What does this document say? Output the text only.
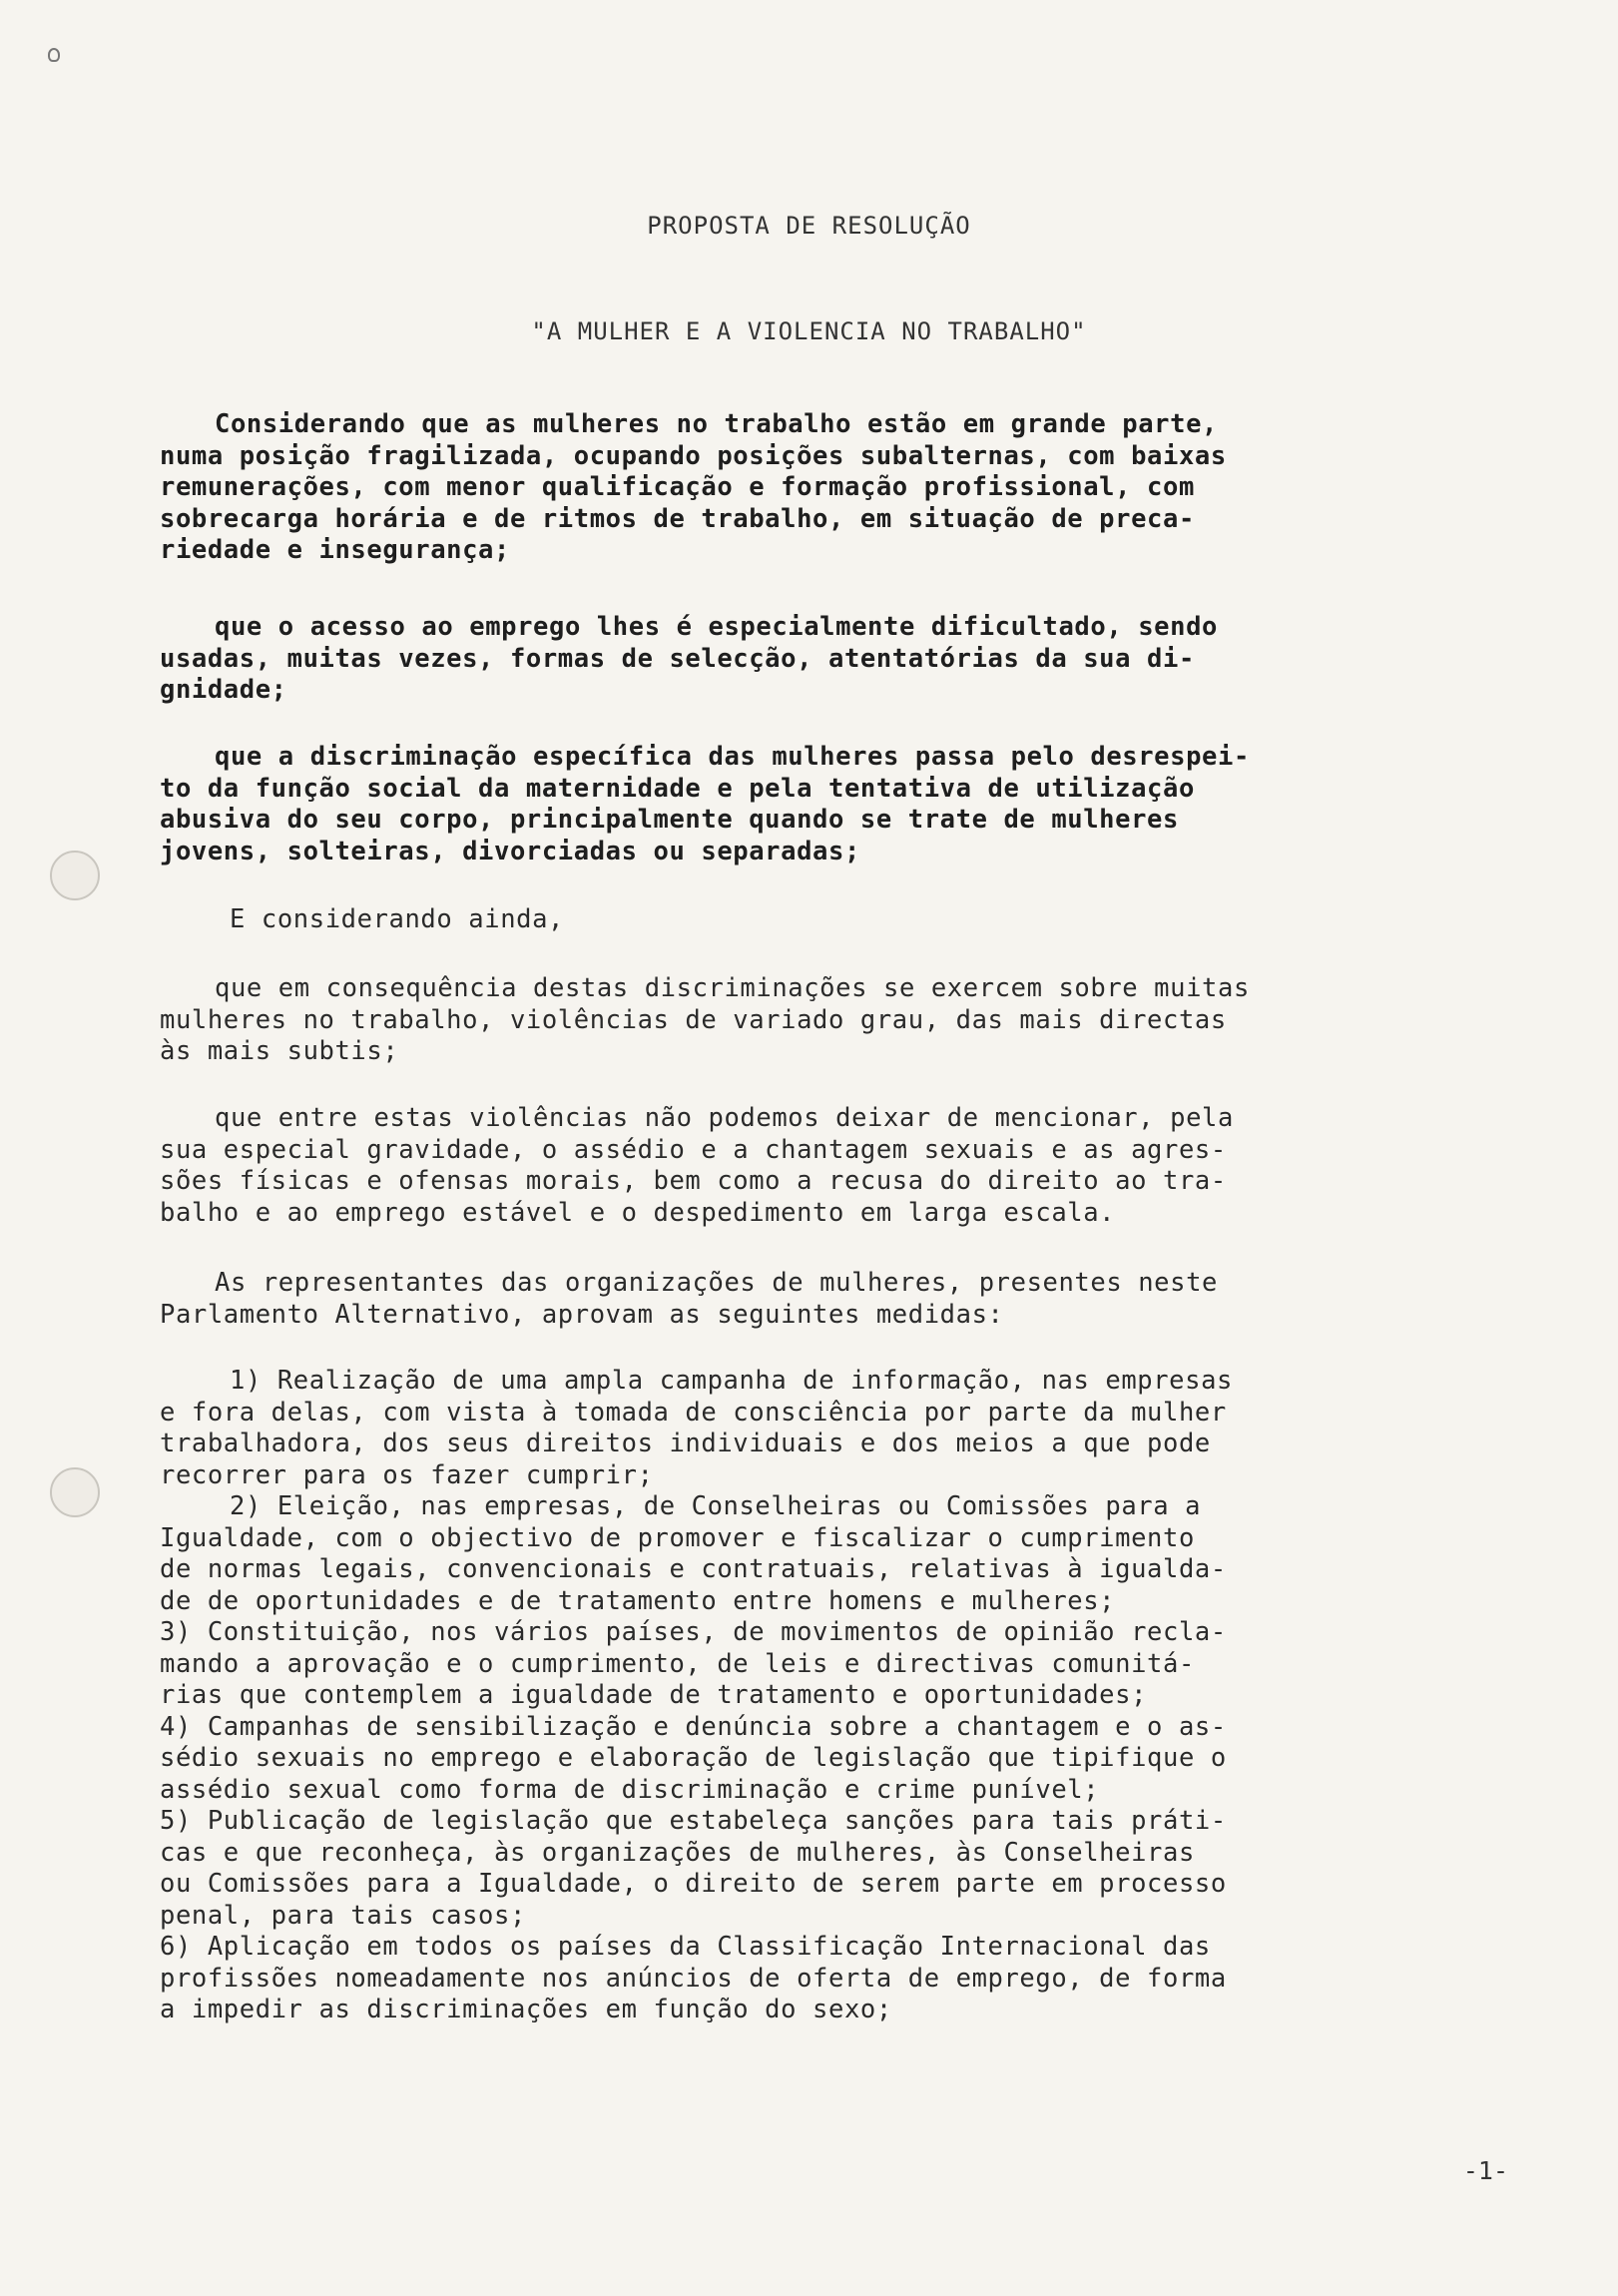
PROPOSTA DE RESOLUÇÃO
"A MULHER E A VIOLENCIA NO TRABALHO"
Considerando que as mulheres no trabalho estão em grande parte,
numa posição fragilizada, ocupando posições subalternas, com baixas
remunerações, com menor qualificação e formação profissional, com
sobrecarga horária e de ritmos de trabalho, em situação de preca-
riedade e insegurança;
que o acesso ao emprego lhes é especialmente dificultado, sendo
usadas, muitas vezes, formas de selecção, atentatórias da sua di-
gnidade;
que a discriminação específica das mulheres passa pelo desrespei-
to da função social da maternidade e pela tentativa de utilização
abusiva do seu corpo, principalmente quando se trate de mulheres
jovens, solteiras, divorciadas ou separadas;
E considerando ainda,
que em consequência destas discriminações se exercem sobre muitas
mulheres no trabalho, violências de variado grau, das mais directas
às mais subtis;
que entre estas violências não podemos deixar de mencionar, pela
sua especial gravidade, o assédio e a chantagem sexuais e as agres-
sões físicas e ofensas morais, bem como a recusa do direito ao tra-
balho e ao emprego estável e o despedimento em larga escala.
As representantes das organizações de mulheres, presentes neste
Parlamento Alternativo, aprovam as seguintes medidas:
1) Realização de uma ampla campanha de informação, nas empresas
e fora delas, com vista à tomada de consciência por parte da mulher
trabalhadora, dos seus direitos individuais e dos meios a que pode
recorrer para os fazer cumprir;
2) Eleição, nas empresas, de Conselheiras ou Comissões para a
Igualdade, com o objectivo de promover e fiscalizar o cumprimento
de normas legais, convencionais e contratuais, relativas à igualda-
de de oportunidades e de tratamento entre homens e mulheres;
3) Constituição, nos vários países, de movimentos de opinião recla-
mando a aprovação e o cumprimento, de leis e directivas comunitá-
rias que contemplem a igualdade de tratamento e oportunidades;
4) Campanhas de sensibilização e denúncia sobre a chantagem e o as-
sédio sexuais no emprego e elaboração de legislação que tipifique o
assédio sexual como forma de discriminação e crime punível;
5) Publicação de legislação que estabeleça sanções para tais práti-
cas e que reconheça, às organizações de mulheres, às Conselheiras
ou Comissões para a Igualdade, o direito de serem parte em processo
penal, para tais casos;
6) Aplicação em todos os países da Classificação Internacional das
profissões nomeadamente nos anúncios de oferta de emprego, de forma
a impedir as discriminações em função do sexo;
-1-
